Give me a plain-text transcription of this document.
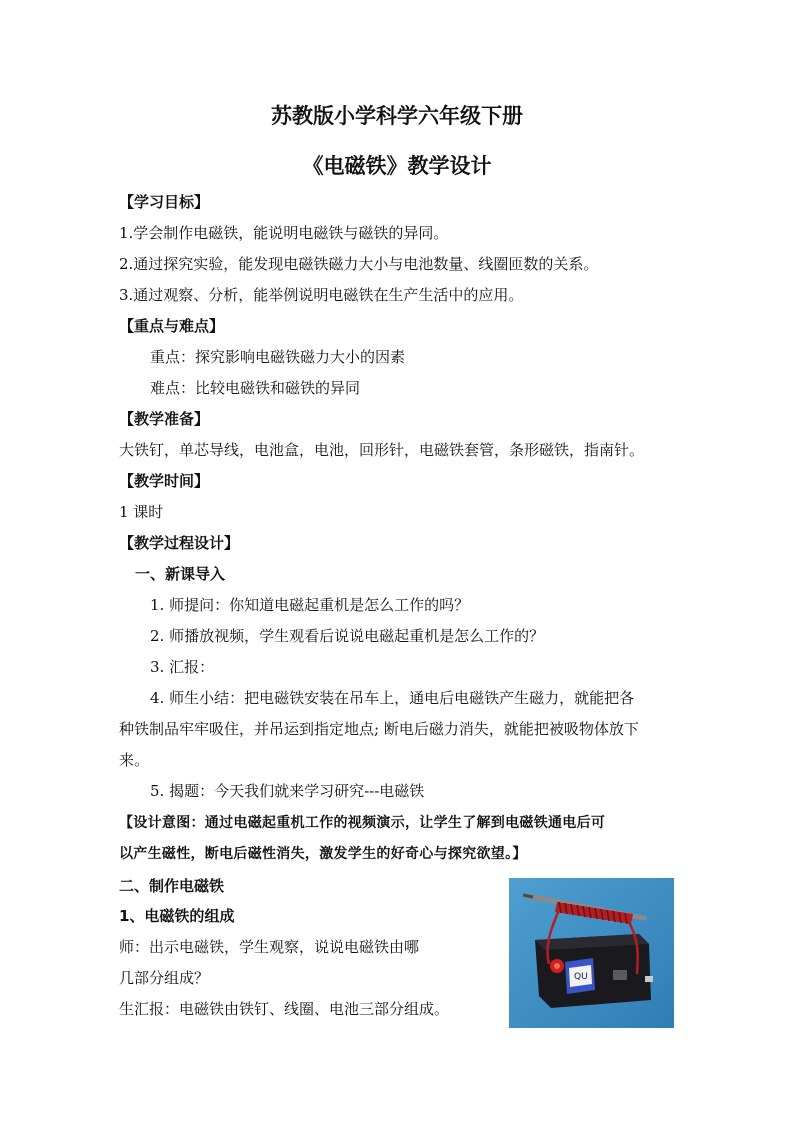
苏教版小学科学六年级下册
《电磁铁》教学设计
【学习目标】
1.学会制作电磁铁，能说明电磁铁与磁铁的异同。
2.通过探究实验，能发现电磁铁磁力大小与电池数量、线圈匝数的关系。
3.通过观察、分析，能举例说明电磁铁在生产生活中的应用。
【重点与难点】
重点：探究影响电磁铁磁力大小的因素
难点：比较电磁铁和磁铁的异同
【教学准备】
大铁钉，单芯导线，电池盒，电池，回形针，电磁铁套管，条形磁铁，指南针。
【教学时间】
1 课时
【教学过程设计】
一、新课导入
1. 师提问：你知道电磁起重机是怎么工作的吗？
2. 师播放视频，学生观看后说说电磁起重机是怎么工作的？
3. 汇报：
4. 师生小结：把电磁铁安装在吊车上，通电后电磁铁产生磁力，就能把各
种铁制品牢牢吸住，并吊运到指定地点; 断电后磁力消失，就能把被吸物体放下
来。
5. 揭题：今天我们就来学习研究---电磁铁
【设计意图：通过电磁起重机工作的视频演示，让学生了解到电磁铁通电后可
以产生磁性，断电后磁性消失，激发学生的好奇心与探究欲望。】
二、制作电磁铁
1、电磁铁的组成
师：出示电磁铁，学生观察，说说电磁铁由哪
几部分组成？
生汇报：电磁铁由铁钉、线圈、电池三部分组成。
QU
